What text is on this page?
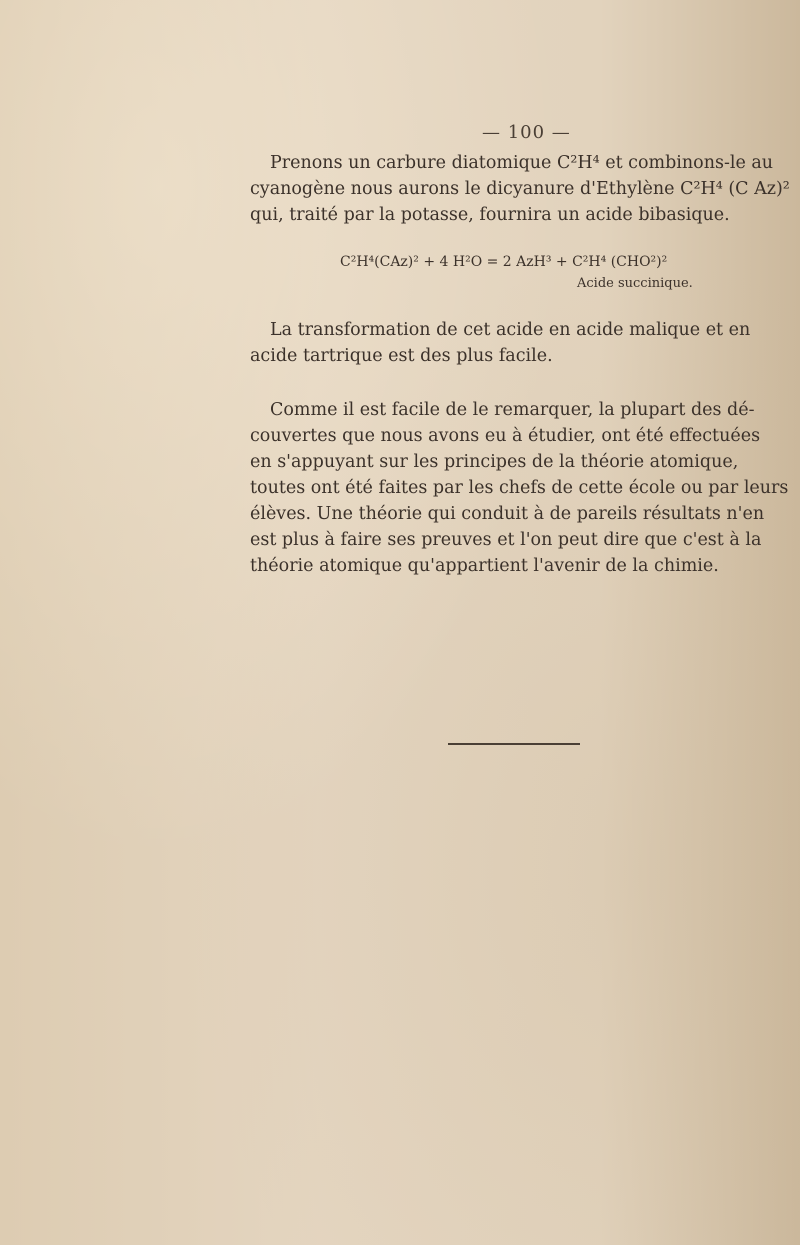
— 100 —
Prenons un carbure diatomique C²H⁴ et combinons-le au
cyanogène nous aurons le dicyanure d'Ethylène C²H⁴ (C Az)²
qui, traité par la potasse, fournira un acide bibasique.
C²H⁴(CAz)² + 4 H²O = 2 AzH³ + C²H⁴ (CHO²)²
Acide succinique.
La transformation de cet acide en acide malique et en
acide tartrique est des plus facile.
Comme il est facile de le remarquer, la plupart des dé-
couvertes que nous avons eu à étudier, ont été effectuées
en s'appuyant sur les principes de la théorie atomique,
toutes ont été faites par les chefs de cette école ou par leurs
élèves. Une théorie qui conduit à de pareils résultats n'en
est plus à faire ses preuves et l'on peut dire que c'est à la
théorie atomique qu'appartient l'avenir de la chimie.
